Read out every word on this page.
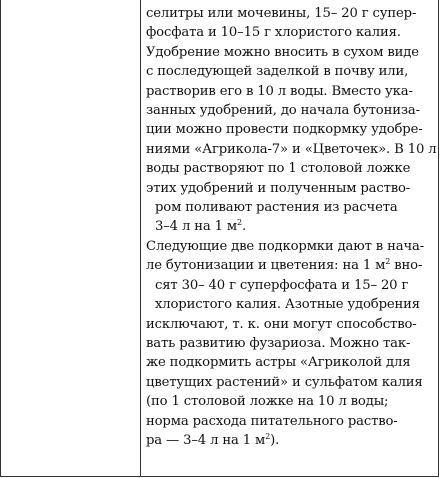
селитры или мочевины, 15– 20 г супер-
фосфата и 10–15 г хлористого калия.
Удобрение можно вносить в сухом виде
с последующей заделкой в почву или,
растворив его в 10 л воды. Вместо ука-
занных удобрений, до начала бутониза-
ции можно провести подкормку удобре-
ниями «Агрикола-7» и «Цветочек». В 10 л
воды растворяют по 1 столовой ложке
этих удобрений и полученным раство-
ром поливают растения из расчета
3–4 л на 1 $м^2$.
Следующие две подкормки дают в нача-
ле бутонизации и цветения: на 1 $м^2$ вно-
сят 30– 40 г суперфосфата и 15– 20 г
хлористого калия. Азотные удобрения
исключают, т. к. они могут способство-
вать развитию фузариоза. Можно так-
же подкормить астры «Агриколой для
цветущих растений» и сульфатом калия
(по 1 столовой ложке на 10 л воды;
норма расхода питательного раство-
ра — 3–4 л на 1 $м^2$).
